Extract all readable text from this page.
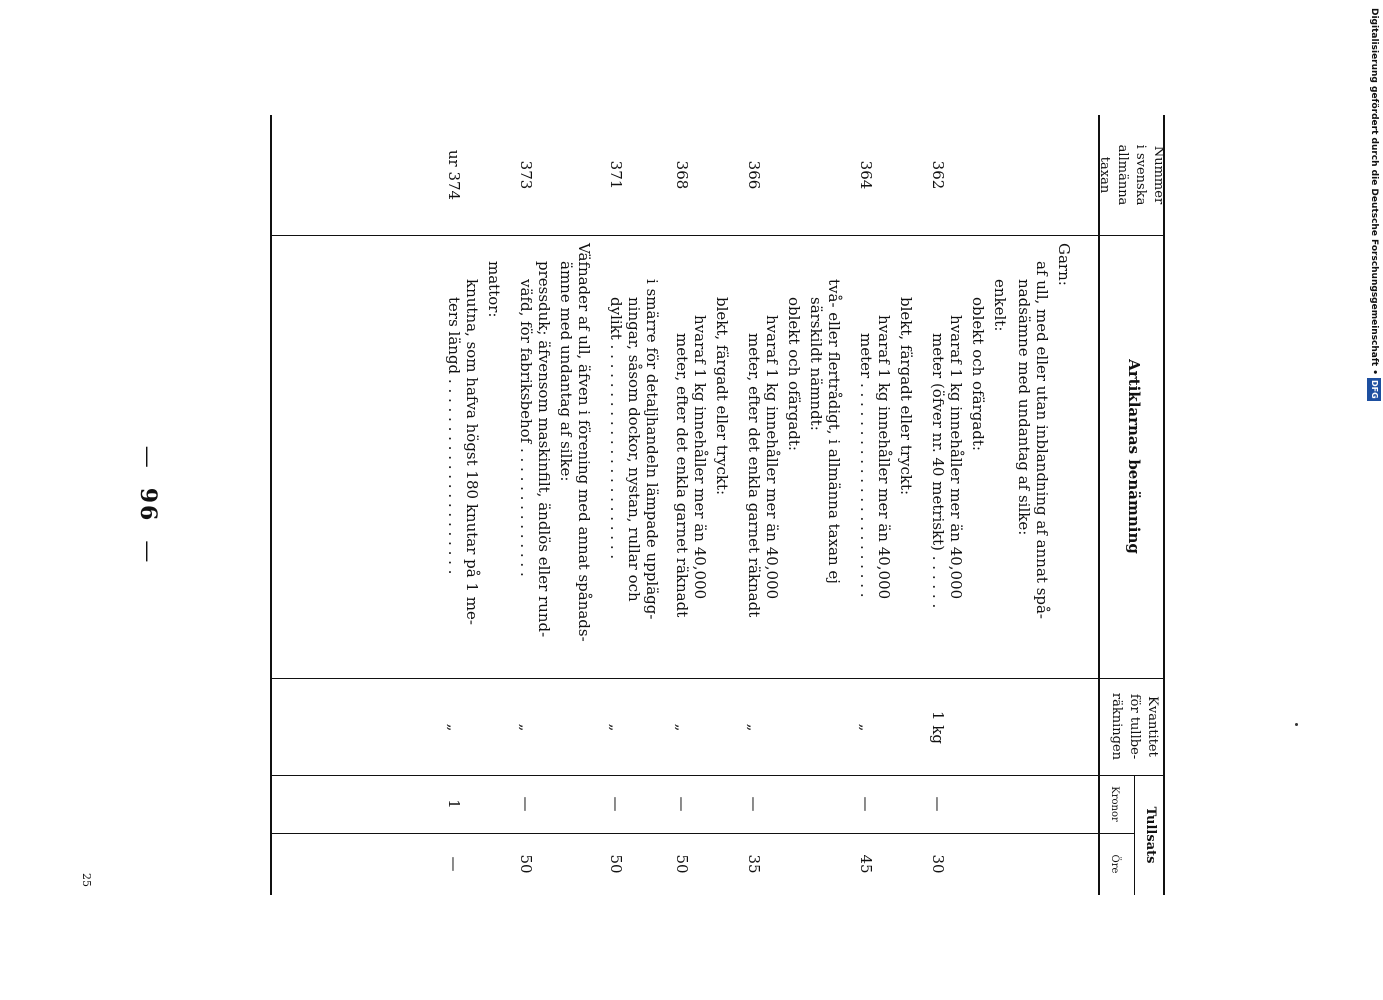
Nummer
i svenska
allmänna
taxan
Artiklarnas benämning
Kvantitet
för tullbe-
räkningen
Tullsats
Kronor
Öre
Garn:
af ull, med eller utan inblandning af annat spå-
nadsämne med undantag af silke:
enkelt:
oblekt och ofärgadt:
hvaraf 1 kg innehåller mer än 40,000
meter (öfver nr. 40 metriskt) . . . . . .
362
1 kg
—
30
blekt, färgadt eller tryckt:
hvaraf 1 kg innehåller mer än 40,000
meter . . . . . . . . . . . . . . . . . . . . . . .
364
„
—
45
två- eller flertrådigt, i allmänna taxan ej
särskildt nämndt:
oblekt och ofärgadt:
hvaraf 1 kg innehåller mer än 40,000
meter, efter det enkla garnet räknadt
366
„
—
35
blekt, färgadt eller tryckt:
hvaraf 1 kg innehåller mer än 40,000
meter, efter det enkla garnet räknadt
368
„
—
50
i smärre för detaljhandeln lämpade upplägg-
ningar, såsom dockor, nystan, rullar och
dylikt . . . . . . . . . . . . . . . . . . . . . . .
371
„
—
50
Väfnader af ull, äfven i förening med annat spånads-
ämne med undantag af silke:
pressduk; äfvensom maskinfilt, ändlös eller rund-
väfd, för fabriksbehof . . . . . . . . . . . . . .
373
„
—
50
mattor:
knutna, som hafva högst 180 knutar på 1 me-
ters längd . . . . . . . . . . . . . . . . . . . . .
ur 374
„
1
—
—96—
25
Digitalisierung gefördert durch die Deutsche Forschungsgemeinschaft •
DFG
